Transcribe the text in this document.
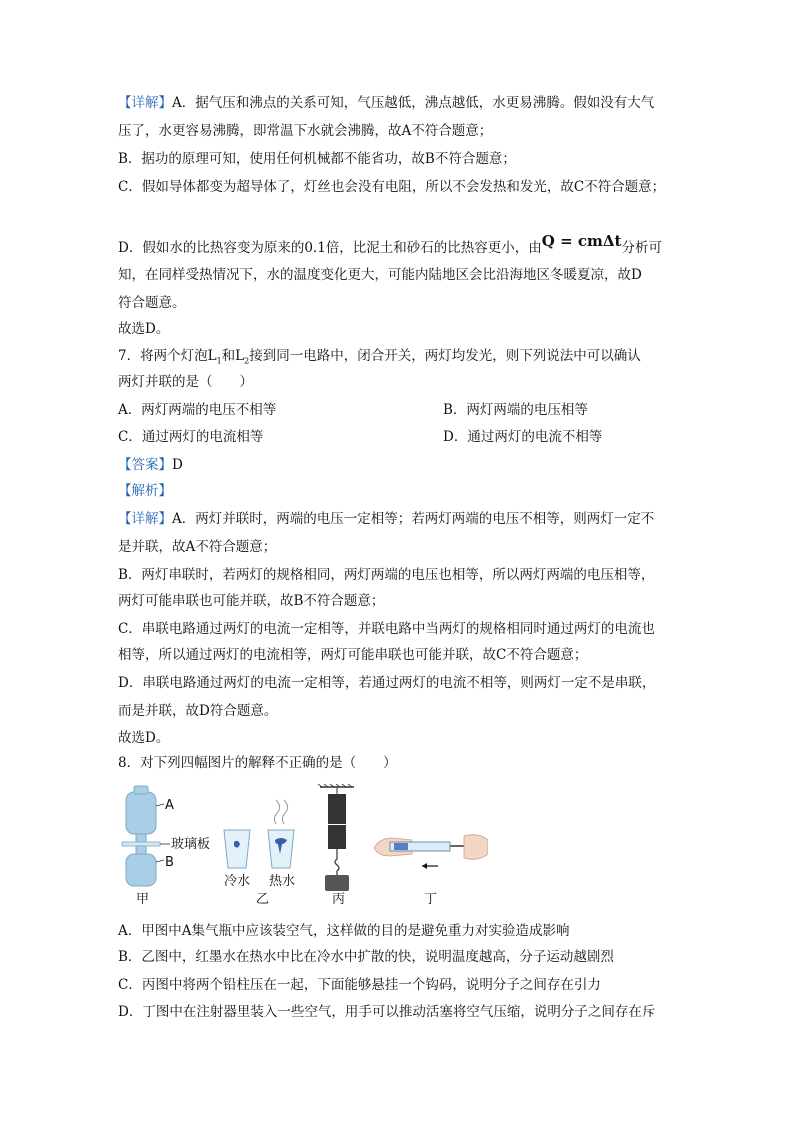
【详解】A．据气压和沸点的关系可知，气压越低，沸点越低，水更易沸腾。假如没有大气
压了，水更容易沸腾，即常温下水就会沸腾，故A不符合题意；
B．据功的原理可知，使用任何机械都不能省功，故B不符合题意；
C．假如导体都变为超导体了，灯丝也会没有电阻，所以不会发热和发光，故C不符合题意；
D．假如水的比热容变为原来的0.1倍，比泥土和砂石的比热容更小，由Q = cmΔt分析可
知，在同样受热情况下，水的温度变化更大，可能内陆地区会比沿海地区冬暖夏凉，故D
符合题意。
故选D。
7．将两个灯泡$L_1$和$L_2$接到同一电路中，闭合开关，两灯均发光，则下列说法中可以确认
两灯并联的是（　　）
A．两灯两端的电压不相等	B．两灯两端的电压相等
C．通过两灯的电流相等	D．通过两灯的电流不相等
【答案】D
【解析】
【详解】A．两灯并联时，两端的电压一定相等；若两灯两端的电压不相等，则两灯一定不
是并联，故A不符合题意；
B．两灯串联时，若两灯的规格相同，两灯两端的电压也相等，所以两灯两端的电压相等，
两灯可能串联也可能并联，故B不符合题意；
C．串联电路通过两灯的电流一定相等，并联电路中当两灯的规格相同时通过两灯的电流也
相等，所以通过两灯的电流相等，两灯可能串联也可能并联，故C不符合题意；
D．串联电路通过两灯的电流一定相等，若通过两灯的电流不相等，则两灯一定不是串联，
而是并联，故D符合题意。
故选D。
8．对下列四幅图片的解释不正确的是（　　）
A
玻璃板
B
甲
冷水 热水
乙	丙	丁
A．甲图中A集气瓶中应该装空气，这样做的目的是避免重力对实验造成影响
B．乙图中，红墨水在热水中比在冷水中扩散的快，说明温度越高，分子运动越剧烈
C．丙图中将两个铅柱压在一起，下面能够悬挂一个钩码，说明分子之间存在引力
D．丁图中在注射器里装入一些空气，用手可以推动活塞将空气压缩，说明分子之间存在斥
